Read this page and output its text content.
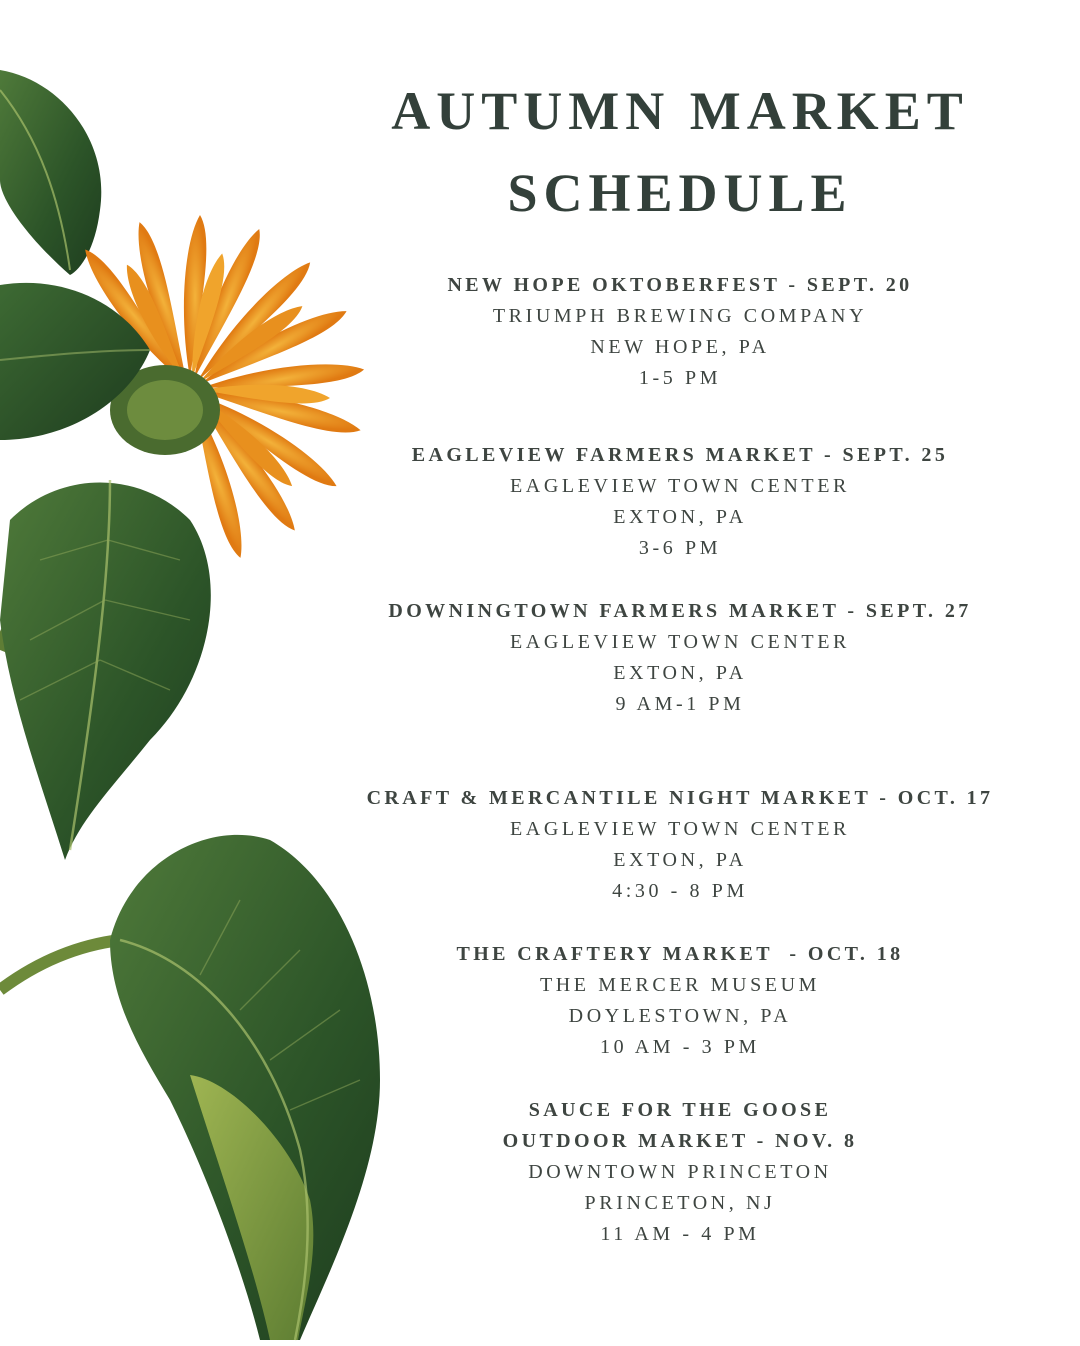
AUTUMN MARKET
SCHEDULE
NEW HOPE OKTOBERFEST - SEPT. 20
TRIUMPH BREWING COMPANY
NEW HOPE, PA
1-5 PM
EAGLEVIEW FARMERS MARKET - SEPT. 25
EAGLEVIEW TOWN CENTER
EXTON, PA
3-6 PM
DOWNINGTOWN FARMERS MARKET - SEPT. 27
EAGLEVIEW TOWN CENTER
EXTON, PA
9 AM-1 PM
CRAFT & MERCANTILE NIGHT MARKET - OCT. 17
EAGLEVIEW TOWN CENTER
EXTON, PA
4:30 - 8 PM
THE CRAFTERY MARKET  - OCT. 18
THE MERCER MUSEUM
DOYLESTOWN, PA
10 AM - 3 PM
SAUCE FOR THE GOOSE
OUTDOOR MARKET - NOV. 8
DOWNTOWN PRINCETON
PRINCETON, NJ
11 AM - 4 PM
